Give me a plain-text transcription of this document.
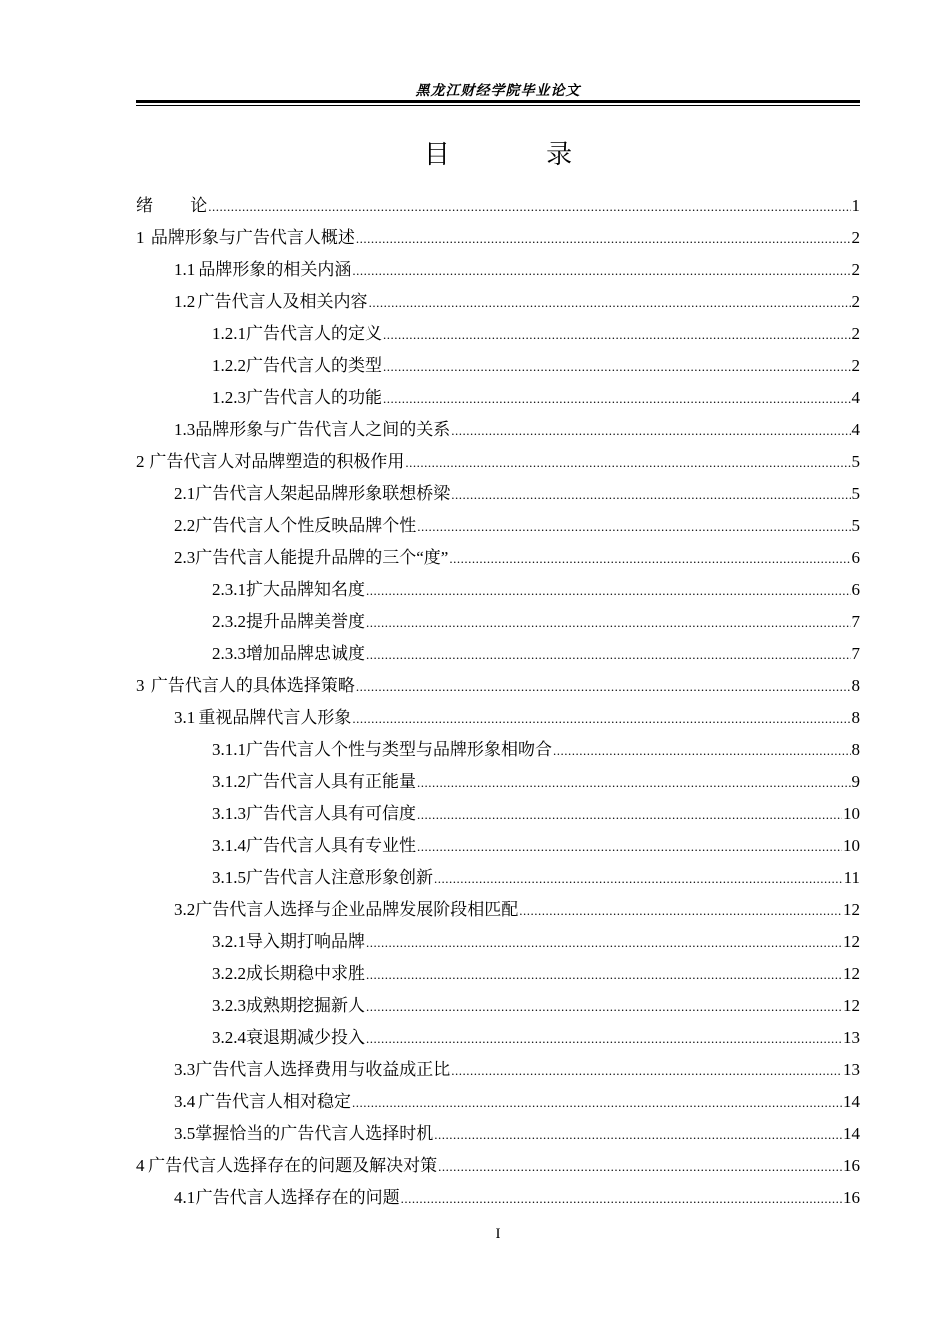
黑龙江财经学院毕业论文
目 录
绪	论 .....	1
1 品牌形象与广告代言人概述 .....	2
1.1 品牌形象的相关内涵 .....	2
1.2 广告代言人及相关内容 .....	2
1.2.1 广告代言人的定义 .....	2
1.2.2 广告代言人的类型 .....	2
1.2.3 广告代言人的功能 .....	4
1.3 品牌形象与广告代言人之间的关系 .....	4
2 广告代言人对品牌塑造的积极作用 .....	5
2.1 广告代言人架起品牌形象联想桥梁 .....	5
2.2 广告代言人个性反映品牌个性 .....	5
2.3 广告代言人能提升品牌的三个“度” .....	6
2.3.1 扩大品牌知名度 .....	6
2.3.2 提升品牌美誉度 .....	7
2.3.3 增加品牌忠诚度 .....	7
3 广告代言人的具体选择策略 .....	8
3.1 重视品牌代言人形象 .....	8
3.1.1 广告代言人个性与类型与品牌形象相吻合 .....	8
3.1.2 广告代言人具有正能量 .....	9
3.1.3 广告代言人具有可信度 .....	10
3.1.4 广告代言人具有专业性 .....	10
3.1.5 广告代言人注意形象创新 .....	11
3.2 广告代言人选择与企业品牌发展阶段相匹配 .....	12
3.2.1 导入期打响品牌 .....	12
3.2.2 成长期稳中求胜 .....	12
3.2.3 成熟期挖掘新人 .....	12
3.2.4 衰退期减少投入 .....	13
3.3 广告代言人选择费用与收益成正比 .....	13
3.4 广告代言人相对稳定 .....	14
3.5 掌握恰当的广告代言人选择时机 .....	14
4 广告代言人选择存在的问题及解决对策 .....	16
4.1 广告代言人选择存在的问题 .....	16
I
